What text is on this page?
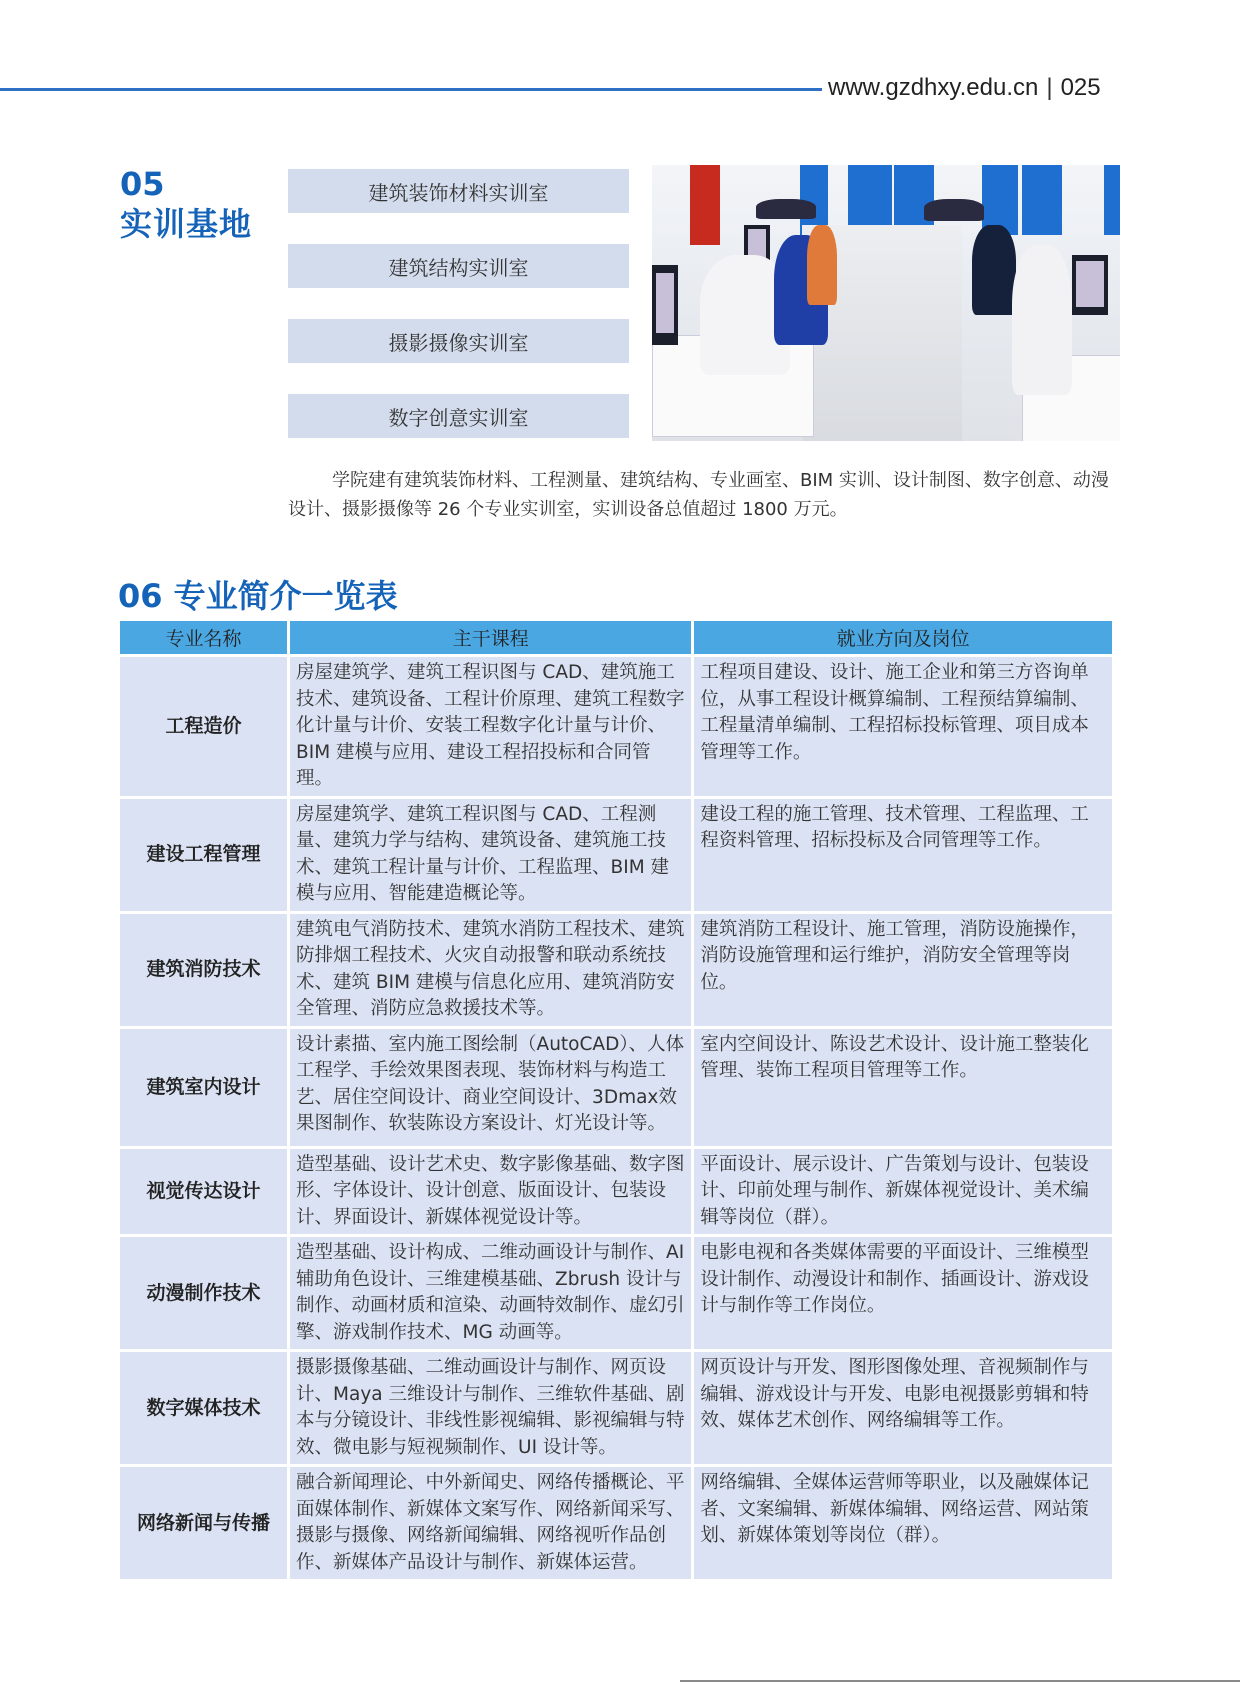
www.gzdhxy.edu.cn | 025
05
实训基地
建筑装饰材料实训室
建筑结构实训室
摄影摄像实训室
数字创意实训室

学院建有建筑装饰材料、工程测量、建筑结构、专业画室、BIM 实训、设计制图、数字创意、动漫设计、摄影摄像等 26 个专业实训室，实训设备总值超过 1800 万元。

06 专业简介一览表
专业名称	主干课程	就业方向及岗位
工程造价	房屋建筑学、建筑工程识图与 CAD、建筑施工技术、建筑设备、工程计价原理、建筑工程数字化计量与计价、安装工程数字化计量与计价、BIM 建模与应用、建设工程招投标和合同管理。	工程项目建设、设计、施工企业和第三方咨询单位，从事工程设计概算编制、工程预结算编制、工程量清单编制、工程招标投标管理、项目成本管理等工作。
建设工程管理	房屋建筑学、建筑工程识图与 CAD、工程测量、建筑力学与结构、建筑设备、建筑施工技术、建筑工程计量与计价、工程监理、BIM 建模与应用、智能建造概论等。	建设工程的施工管理、技术管理、工程监理、工程资料管理、招标投标及合同管理等工作。
建筑消防技术	建筑电气消防技术、建筑水消防工程技术、建筑防排烟工程技术、火灾自动报警和联动系统技术、建筑 BIM 建模与信息化应用、建筑消防安全管理、消防应急救援技术等。	建筑消防工程设计、施工管理，消防设施操作，消防设施管理和运行维护，消防安全管理等岗位。
建筑室内设计	设计素描、室内施工图绘制（AutoCAD）、人体工程学、手绘效果图表现、装饰材料与构造工艺、居住空间设计、商业空间设计、3Dmax效果图制作、软装陈设方案设计、灯光设计等。	室内空间设计、陈设艺术设计、设计施工整装化管理、装饰工程项目管理等工作。
视觉传达设计	造型基础、设计艺术史、数字影像基础、数字图形、字体设计、设计创意、版面设计、包装设计、界面设计、新媒体视觉设计等。	平面设计、展示设计、广告策划与设计、包装设计、印前处理与制作、新媒体视觉设计、美术编辑等岗位（群）。
动漫制作技术	造型基础、设计构成、二维动画设计与制作、AI 辅助角色设计、三维建模基础、Zbrush 设计与制作、动画材质和渲染、动画特效制作、虚幻引擎、游戏制作技术、MG 动画等。	电影电视和各类媒体需要的平面设计、三维模型设计制作、动漫设计和制作、插画设计、游戏设计与制作等工作岗位。
数字媒体技术	摄影摄像基础、二维动画设计与制作、网页设计、Maya 三维设计与制作、三维软件基础、剧本与分镜设计、非线性影视编辑、影视编辑与特效、微电影与短视频制作、UI 设计等。	网页设计与开发、图形图像处理、音视频制作与编辑、游戏设计与开发、电影电视摄影剪辑和特效、媒体艺术创作、网络编辑等工作。
网络新闻与传播	融合新闻理论、中外新闻史、网络传播概论、平面媒体制作、新媒体文案写作、网络新闻采写、摄影与摄像、网络新闻编辑、网络视听作品创作、新媒体产品设计与制作、新媒体运营。	网络编辑、全媒体运营师等职业，以及融媒体记者、文案编辑、新媒体编辑、网络运营、网站策划、新媒体策划等岗位（群）。
